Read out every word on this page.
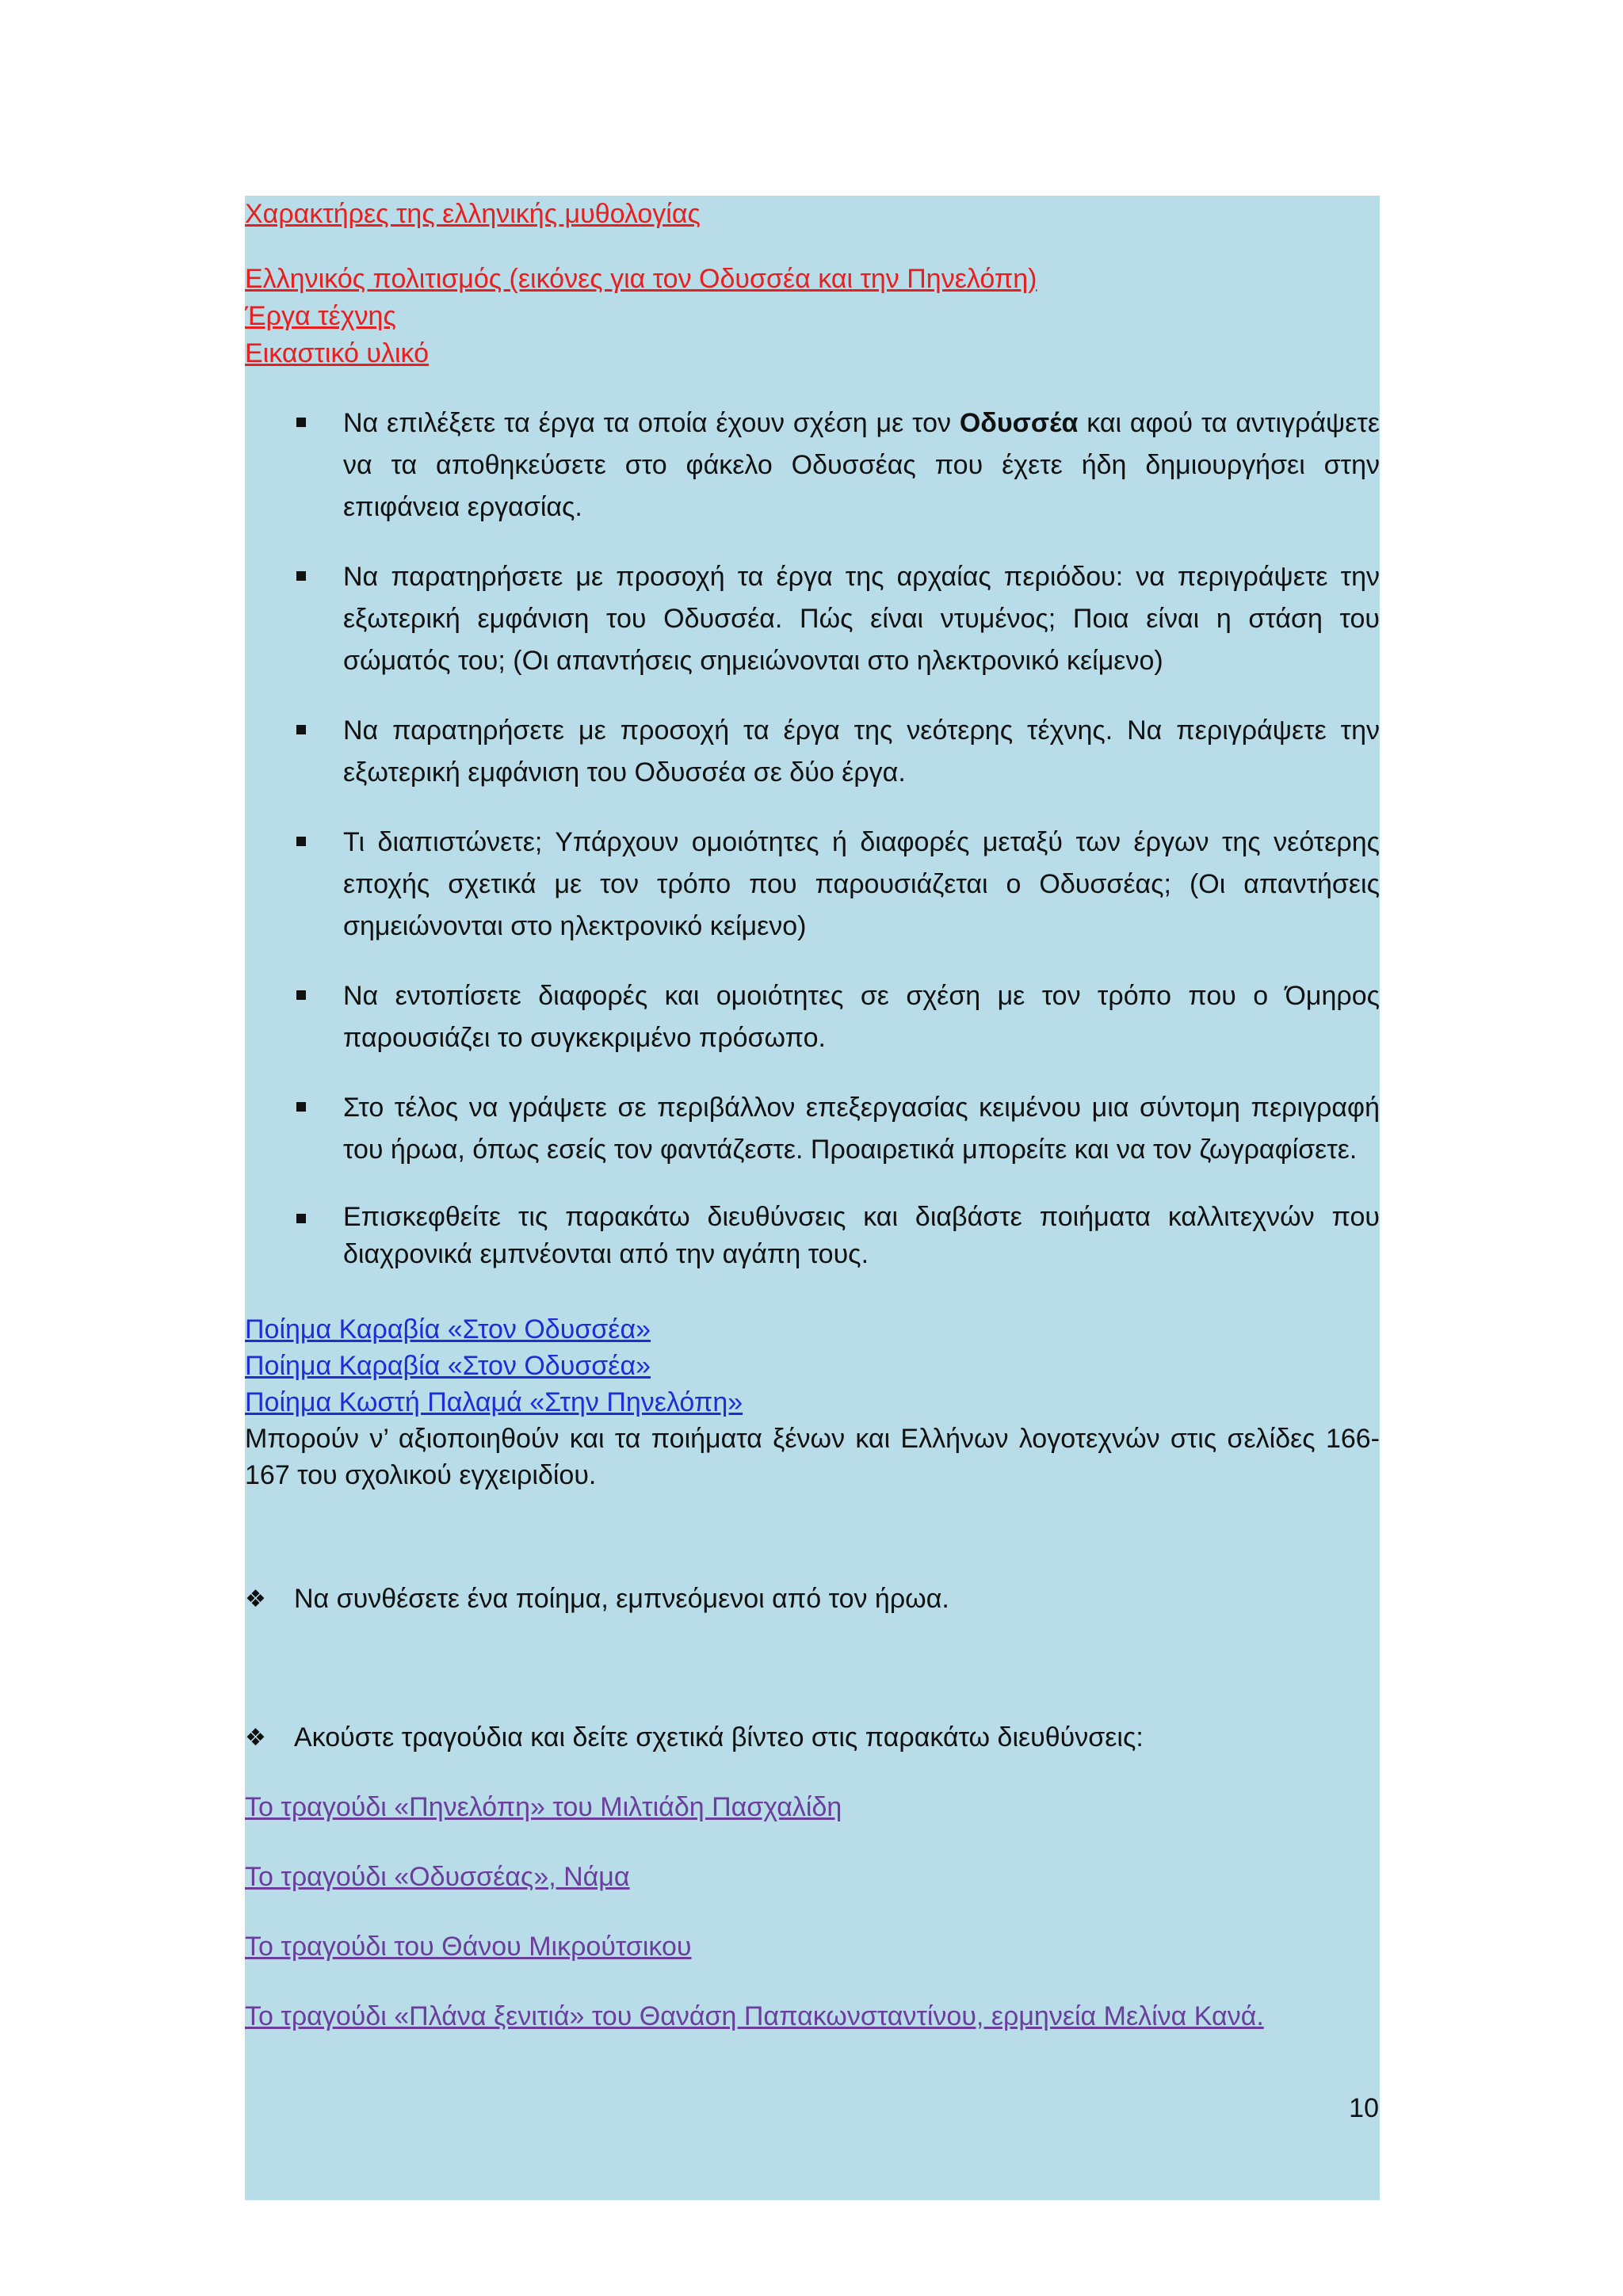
Χαρακτήρες της ελληνικής μυθολογίας
Ελληνικός πολιτισμός (εικόνες για τον Οδυσσέα και την Πηνελόπη)
Έργα τέχνης
Εικαστικό υλικό
Να επιλέξετε τα έργα τα οποία έχουν σχέση με τον Οδυσσέα και αφού τα αντιγράψετε να τα αποθηκεύσετε στο φάκελο Οδυσσέας που έχετε ήδη δημιουργήσει στην επιφάνεια εργασίας.
Να παρατηρήσετε με προσοχή τα έργα της αρχαίας περιόδου: να περιγράψετε την εξωτερική εμφάνιση του Οδυσσέα. Πώς είναι ντυμένος; Ποια είναι η στάση του σώματός του; (Οι απαντήσεις σημειώνονται στο ηλεκτρονικό κείμενο)
Να παρατηρήσετε με προσοχή τα έργα της νεότερης τέχνης. Να περιγράψετε την εξωτερική εμφάνιση του Οδυσσέα σε δύο έργα.
Τι διαπιστώνετε; Υπάρχουν ομοιότητες ή διαφορές μεταξύ των έργων της νεότερης εποχής σχετικά με τον τρόπο που παρουσιάζεται ο Οδυσσέας; (Οι απαντήσεις σημειώνονται στο ηλεκτρονικό κείμενο)
Να εντοπίσετε διαφορές και ομοιότητες σε σχέση με τον τρόπο που ο Όμηρος παρουσιάζει το συγκεκριμένο πρόσωπο.
Στο τέλος να γράψετε σε περιβάλλον επεξεργασίας κειμένου μια σύντομη περιγραφή του ήρωα, όπως εσείς τον φαντάζεστε. Προαιρετικά μπορείτε και να τον ζωγραφίσετε.
Επισκεφθείτε τις παρακάτω διευθύνσεις και διαβάστε ποιήματα καλλιτεχνών που διαχρονικά εμπνέονται από την αγάπη τους.
Ποίημα Καραβία «Στον Οδυσσέα»
Ποίημα Καραβία «Στον Οδυσσέα»
Ποίημα Κωστή Παλαμά «Στην Πηνελόπη»
Μπορούν ν’ αξιοποιηθούν και τα ποιήματα ξένων και Ελλήνων λογοτεχνών στις σελίδες 166-167 του σχολικού εγχειριδίου.
❖ Να συνθέσετε ένα ποίημα, εμπνεόμενοι από τον ήρωα.
❖ Ακούστε τραγούδια και δείτε σχετικά βίντεο στις παρακάτω διευθύνσεις:
Το τραγούδι «Πηνελόπη» του Μιλτιάδη Πασχαλίδη
Το τραγούδι «Οδυσσέας», Νάμα
Το τραγούδι του Θάνου Μικρούτσικου
Το τραγούδι «Πλάνα ξενιτιά» του Θανάση Παπακωνσταντίνου, ερμηνεία Μελίνα Κανά.
10
